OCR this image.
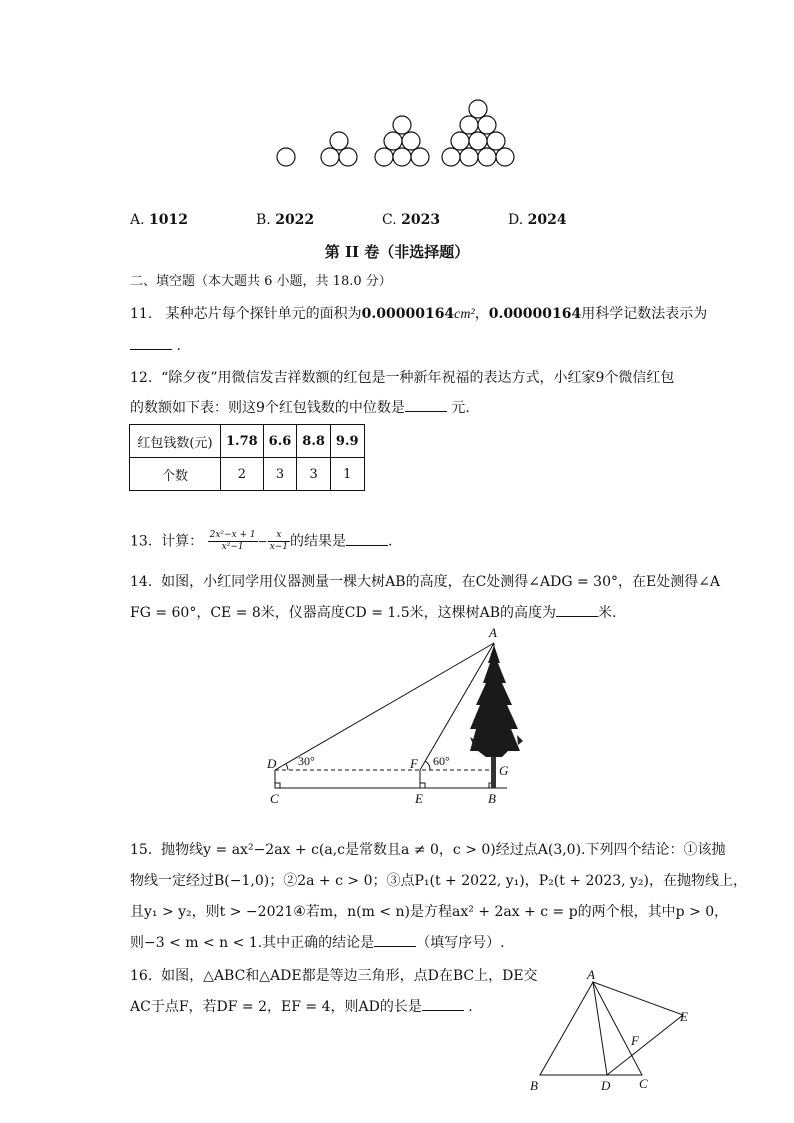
A. 1012	B. 2022	C. 2023	D. 2024
第 II 卷（非选择题）
二、填空题（本大题共 6 小题，共 18.0 分）
11. 某种芯片每个探针单元的面积为0.00000164cm²，0.00000164用科学记数法表示为
.
12. “除夕夜”用微信发吉祥数额的红包是一种新年祝福的表达方式，小红家9个微信红包
的数额如下表：则这9个红包钱数的中位数是	元.
红包钱数(元)	1.78	6.6	8.8	9.9
个数	2	3	3	1
13. 计算： $\frac{\text{2x²−x + 1}}{\text{x²−1}} - \frac{x}{x-1}$ 的结果是	.
14. 如图，小红同学用仪器测量一棵大树AB的高度，在C处测得∠ADG = 30°，在E处测得∠A
FG = 60°，CE = 8米，仪器高度CD = 1.5米，这棵树AB的高度为	米.
A
D
C
F
E
G
B
30°	60°
15. 抛物线y = ax²−2ax + c(a,c是常数且a ≠ 0，c > 0)经过点A(3,0).下列四个结论：①该抛
物线一定经过B(−1,0)；②2a + c > 0；③点P₁(t + 2022, y₁)，P₂(t + 2023, y₂)，在抛物线上，
且y₁ > y₂，则t > −2021④若m，n(m < n)是方程ax² + 2ax + c = p的两个根，其中p > 0，
则−3 < m < n < 1.其中正确的结论是	（填写序号）.
16. 如图，△ABC和△ADE都是等边三角形，点D在BC上，DE交
AC于点F，若DF = 2，EF = 4，则AD的长是	.
A
B	D C
E
F
